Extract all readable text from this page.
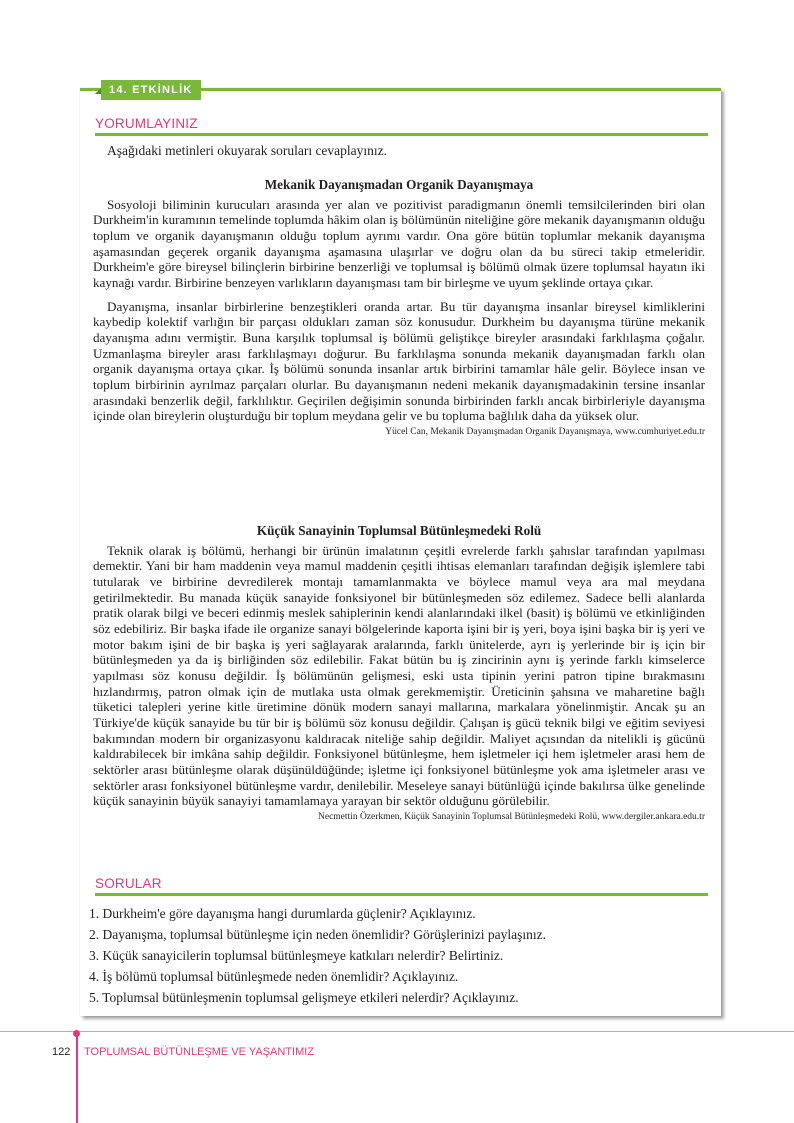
14. ETKİNLİK
YORUMLAYINIZ
Aşağıdaki metinleri okuyarak soruları cevaplayınız.
Mekanik Dayanışmadan Organik Dayanışmaya

Sosyoloji biliminin kurucuları arasında yer alan ve pozitivist paradigmanın önemli temsilcilerinden biri olan Durkheim'in kuramının temelinde toplumda hâkim olan iş bölümünün niteliğine göre mekanik dayanışmanın olduğu toplum ve organik dayanışmanın olduğu toplum ayrımı vardır. Ona göre bütün toplumlar mekanik dayanışma aşamasından geçerek organik dayanışma aşamasına ulaşırlar ve doğru olan da bu süreci takip etmeleridir. Durkheim'e göre bireysel bilinçlerin birbirine benzerliği ve toplumsal iş bölümü olmak üzere toplumsal hayatın iki kaynağı vardır. Birbirine benzeyen varlıkların dayanışması tam bir birleşme ve uyum şeklinde ortaya çıkar.

Dayanışma, insanlar birbirlerine benzeştikleri oranda artar. Bu tür dayanışma insanlar bireysel kimliklerini kaybedip kolektif varlığın bir parçası oldukları zaman söz konusudur. Durkheim bu dayanışma türüne mekanik dayanışma adını vermiştir. Buna karşılık toplumsal iş bölümü geliştikçe bireyler arasındaki farklılaşma çoğalır. Uzmanlaşma bireyler arası farklılaşmayı doğurur. Bu farklılaşma sonunda mekanik dayanışmadan farklı olan organik dayanışma ortaya çıkar. İş bölümü sonunda insanlar artık birbirini tamamlar hâle gelir. Böylece insan ve toplum birbirinin ayrılmaz parçaları olurlar. Bu dayanışmanın nedeni mekanik dayanışmadakinin tersine insanlar arasındaki benzerlik değil, farklılıktır. Geçirilen değişimin sonunda birbirinden farklı ancak birbirleriyle dayanışma içinde olan bireylerin oluşturduğu bir toplum meydana gelir ve bu topluma bağlılık daha da yüksek olur.

Yücel Can, Mekanik Dayanışmadan Organik Dayanışmaya, www.cumhuriyet.edu.tr
Küçük Sanayinin Toplumsal Bütünleşmedeki Rolü

Teknik olarak iş bölümü, herhangi bir ürünün imalatının çeşitli evrelerde farklı şahıslar tarafından yapılması demektir. Yani bir ham maddenin veya mamul maddenin çeşitli ihtisas elemanları tarafından değişik işlemlere tabi tutularak ve birbirine devredilerek montajı tamamlanmakta ve böylece mamul veya ara mal meydana getirilmektedir. Bu manada küçük sanayide fonksiyonel bir bütünleşmeden söz edilemez. Sadece belli alanlarda pratik olarak bilgi ve beceri edinmiş meslek sahiplerinin kendi alanlarındaki ilkel (basit) iş bölümü ve etkinliğinden söz edebiliriz. Bir başka ifade ile organize sanayi bölgelerinde kaporta işini bir iş yeri, boya işini başka bir iş yeri ve motor bakım işini de bir başka iş yeri sağlayarak aralarında, farklı ünitelerde, ayrı iş yerlerinde bir iş için bir bütünleşmeden ya da iş birliğinden söz edilebilir. Fakat bütün bu iş zincirinin aynı iş yerinde farklı kimselerce yapılması söz konusu değildir. İş bölümünün gelişmesi, eski usta tipinin yerini patron tipine bırakmasını hızlandırmış, patron olmak için de mutlaka usta olmak gerekmemiştir. Üreticinin şahsına ve maharetine bağlı tüketici talepleri yerine kitle üretimine dönük modern sanayi mallarına, markalara yönelinmiştir. Ancak şu an Türkiye'de küçük sanayide bu tür bir iş bölümü söz konusu değildir. Çalışan iş gücü teknik bilgi ve eğitim seviyesi bakımından modern bir organizasyonu kaldıracak niteliğe sahip değildir. Maliyet açısından da nitelikli iş gücünü kaldırabilecek bir imkâna sahip değildir. Fonksiyonel bütünleşme, hem işletmeler içi hem işletmeler arası hem de sektörler arası bütünleşme olarak düşünüldüğünde; işletme içi fonksiyonel bütünleşme yok ama işletmeler arası ve sektörler arası fonksiyonel bütünleşme vardır, denilebilir. Meseleye sanayi bütünlüğü içinde bakılırsa ülke genelinde küçük sanayinin büyük sanayiyi tamamlamaya yarayan bir sektör olduğunu görülebilir.

Necmettin Özerkmen, Küçük Sanayinin Toplumsal Bütünleşmedeki Rolü, www.dergiler.ankara.edu.tr
SORULAR
1. Durkheim'e göre dayanışma hangi durumlarda güçlenir? Açıklayınız.
2. Dayanışma, toplumsal bütünleşme için neden önemlidir? Görüşlerinizi paylaşınız.
3. Küçük sanayicilerin toplumsal bütünleşmeye katkıları nelerdir? Belirtiniz.
4. İş bölümü toplumsal bütünleşmede neden önemlidir? Açıklayınız.
5. Toplumsal bütünleşmenin toplumsal gelişmeye etkileri nelerdir? Açıklayınız.
122 TOPLUMSAL BÜTÜNLEŞME VE YAŞANTIMIZ
